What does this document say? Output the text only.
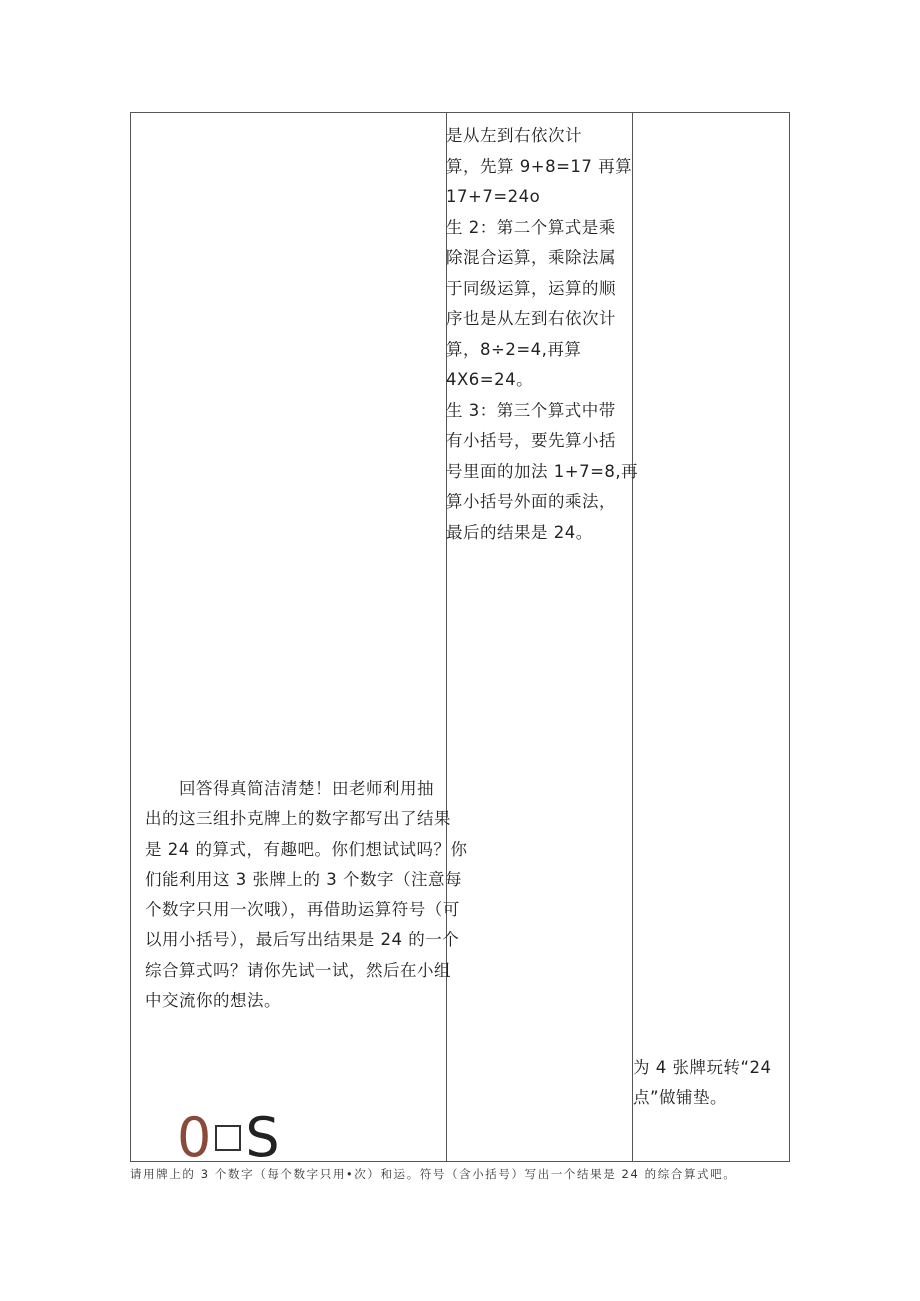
是从左到右依次计
算，先算 9+8=17 再算
17+7=24o
生 2：第二个算式是乘
除混合运算，乘除法属
于同级运算，运算的顺
序也是从左到右依次计
算，8÷2=4,再算
4X6=24。
生 3：第三个算式中带
有小括号，要先算小括
号里面的加法 1+7=8,再
算小括号外面的乘法，
最后的结果是 24。
回答得真简洁清楚！田老师利用抽
出的这三组扑克牌上的数字都写出了结果
是 24 的算式，有趣吧。你们想试试吗？你
们能利用这 3 张牌上的 3 个数字（注意每
个数字只用一次哦），再借助运算符号（可
以用小括号），最后写出结果是 24 的一个
综合算式吗？请你先试一试，然后在小组
中交流你的想法。
0 S
为 4 张牌玩转“24
点”做铺垫。
请用牌上的 3 个数字（每个数字只用•次）和运。符号（含小括号）写出一个结果是 24 的综合算式吧。
